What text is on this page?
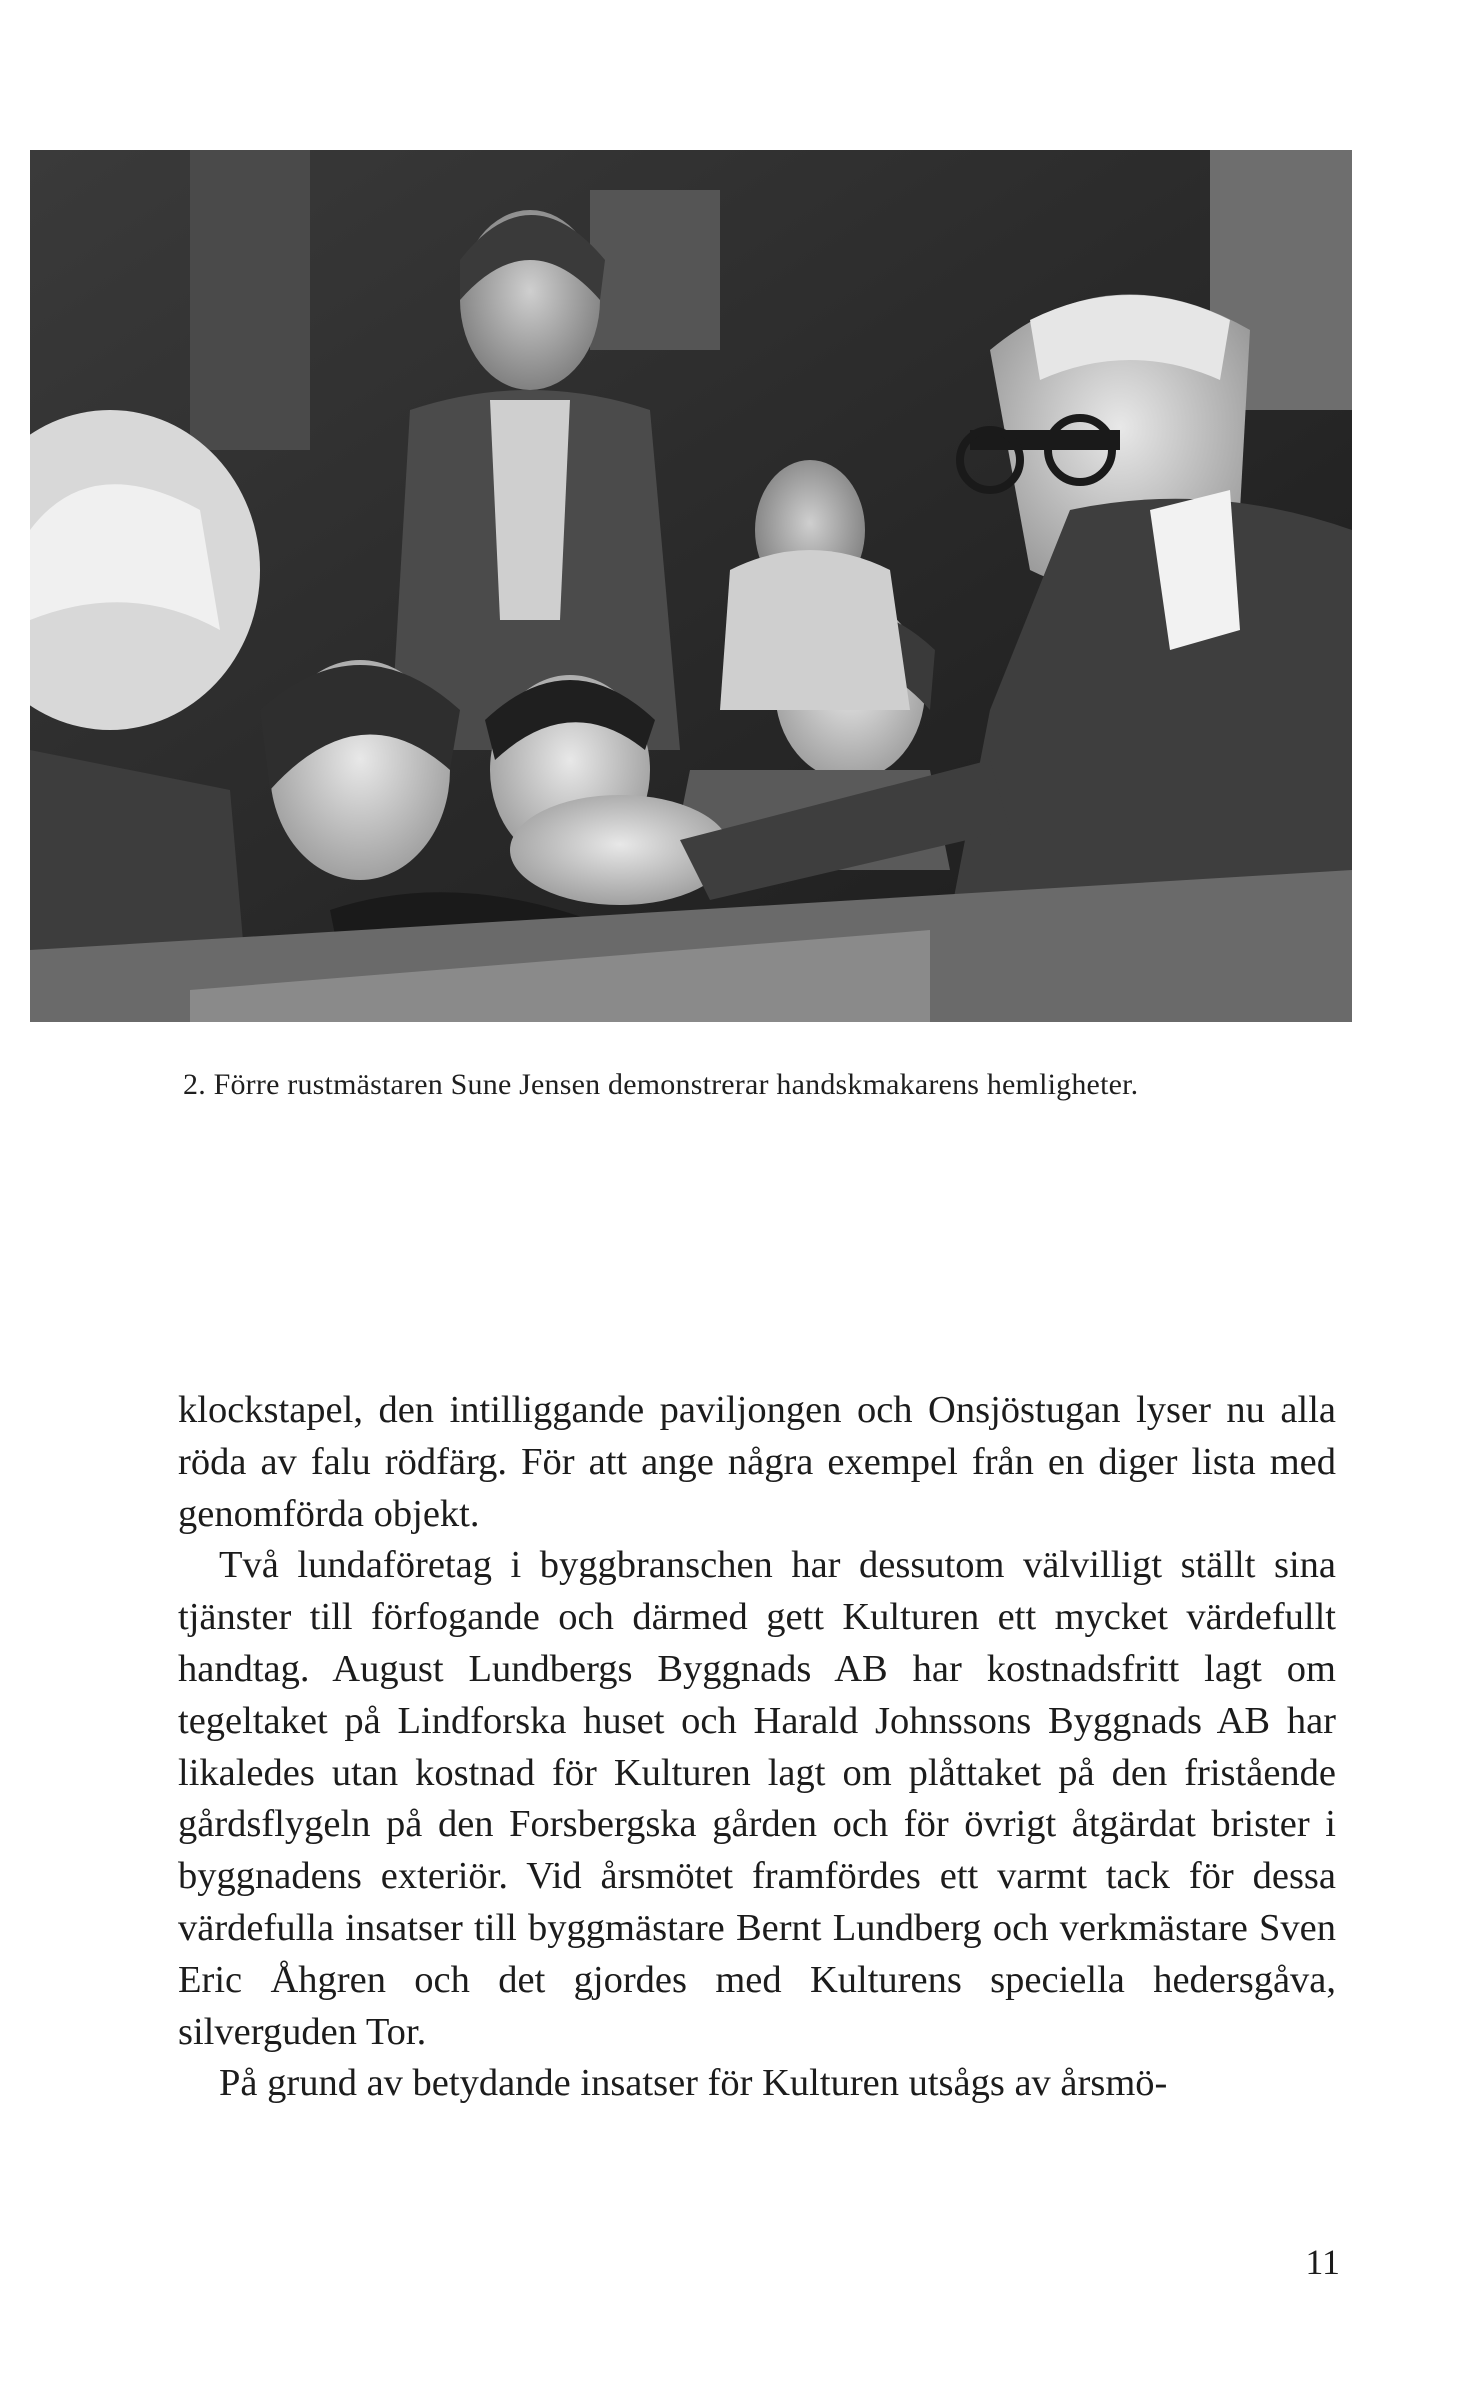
2. Förre rustmästaren Sune Jensen demonstrerar handskmakarens hemligheter.

klockstapel, den intilliggande paviljongen och Onsjöstugan lyser nu alla röda av falu rödfärg. För att ange några exempel från en diger lista med genomförda objekt.

Två lundaföretag i byggbranschen har dessutom välvilligt ställt sina tjänster till förfogande och därmed gett Kulturen ett mycket värdefullt handtag. August Lundbergs Byggnads AB har kostnadsfritt lagt om tegeltaket på Lindforska huset och Harald Johnssons Byggnads AB har likaledes utan kostnad för Kulturen lagt om plåttaket på den fristående gårdsflygeln på den Forsbergska gården och för övrigt åtgärdat brister i byggnadens exteriör. Vid årsmötet framfördes ett varmt tack för dessa värdefulla insatser till byggmästare Bernt Lundberg och verkmästare Sven Eric Åhgren och det gjordes med Kulturens speciella hedersgåva, silverguden Tor.

På grund av betydande insatser för Kulturen utsågs av årsmö-

11
